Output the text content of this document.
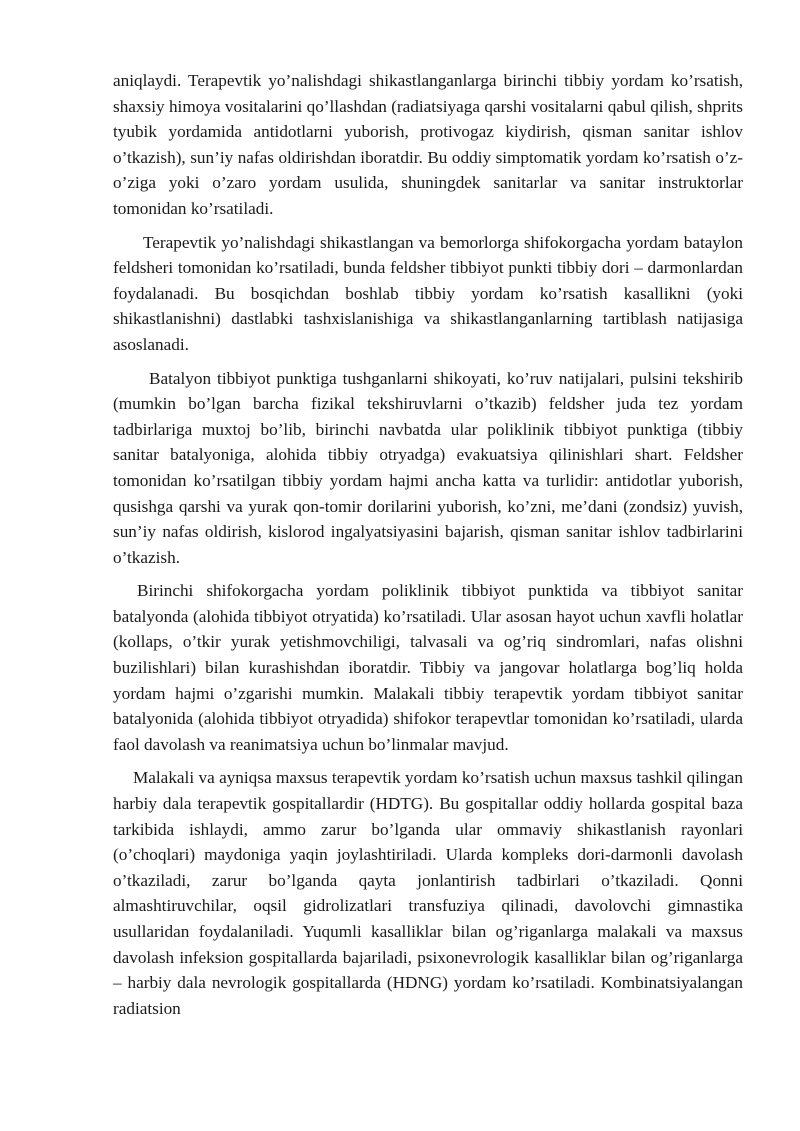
aniqlaydi. Terapevtik yo’nalishdagi shikastlanganlarga birinchi tibbiy yordam ko’rsatish, shaxsiy himoya vositalarini qo’llashdan (radiatsiyaga qarshi vositalarni qabul qilish, shprits tyubik yordamida antidotlarni yuborish, protivogaz kiydirish, qisman sanitar ishlov o’tkazish), sun’iy nafas oldirishdan iboratdir. Bu oddiy simptomatik yordam ko’rsatish o’z-o’ziga yoki o’zaro yordam usulida, shuningdek sanitarlar va sanitar instruktorlar tomonidan ko’rsatiladi.

Terapevtik yo’nalishdagi shikastlangan va bemorlorga shifokorgacha yordam bataylon feldsheri tomonidan ko’rsatiladi, bunda feldsher tibbiyot punkti tibbiy dori – darmonlardan foydalanadi. Bu bosqichdan boshlab tibbiy yordam ko’rsatish kasallikni (yoki shikastlanishni) dastlabki tashxislanishiga va shikastlanganlarning tartiblash natijasiga asoslanadi.

Batalyon tibbiyot punktiga tushganlarni shikoyati, ko’ruv natijalari, pulsini tekshirib (mumkin bo’lgan barcha fizikal tekshiruvlarni o’tkazib) feldsher juda tez yordam tadbirlariga muxtoj bo’lib, birinchi navbatda ular poliklinik tibbiyot punktiga (tibbiy sanitar batalyoniga, alohida tibbiy otryadga) evakuatsiya qilinishlari shart. Feldsher tomonidan ko’rsatilgan tibbiy yordam hajmi ancha katta va turlidir: antidotlar yuborish, qusishga qarshi va yurak qon-tomir dorilarini yuborish, ko’zni, me’dani (zondsiz) yuvish, sun’iy nafas oldirish, kislorod ingalyatsiyasini bajarish, qisman sanitar ishlov tadbirlarini o’tkazish.

Birinchi shifokorgacha yordam poliklinik tibbiyot punktida va tibbiyot sanitar batalyonda (alohida tibbiyot otryatida) ko’rsatiladi. Ular asosan hayot uchun xavfli holatlar (kollaps, o’tkir yurak yetishmovchiligi, talvasali va og’riq sindromlari, nafas olishni buzilishlari) bilan kurashishdan iboratdir. Tibbiy va jangovar holatlarga bog’liq holda yordam hajmi o’zgarishi mumkin. Malakali tibbiy terapevtik yordam tibbiyot sanitar batalyonida (alohida tibbiyot otryadida) shifokor terapevtlar tomonidan ko’rsatiladi, ularda faol davolash va reanimatsiya uchun bo’linmalar mavjud.

Malakali va ayniqsa maxsus terapevtik yordam ko’rsatish uchun maxsus tashkil qilingan harbiy dala terapevtik gospitallardir (HDTG). Bu gospitallar oddiy hollarda gospital baza tarkibida ishlaydi, ammo zarur bo’lganda ular ommaviy shikastlanish rayonlari (o’choqlari) maydoniga yaqin joylashtiriladi. Ularda kompleks dori-darmonli davolash o’tkaziladi, zarur bo’lganda qayta jonlantirish tadbirlari o’tkaziladi. Qonni almashtiruvchilar, oqsil gidrolizatlari transfuziya qilinadi, davolovchi gimnastika usullaridan foydalaniladi. Yuqumli kasalliklar bilan og’riganlarga malakali va maxsus davolash infeksion gospitallarda bajariladi, psixonevrologik kasalliklar bilan og’riganlarga – harbiy dala nevrologik gospitallarda (HDNG) yordam ko’rsatiladi. Kombinatsiyalangan radiatsion
